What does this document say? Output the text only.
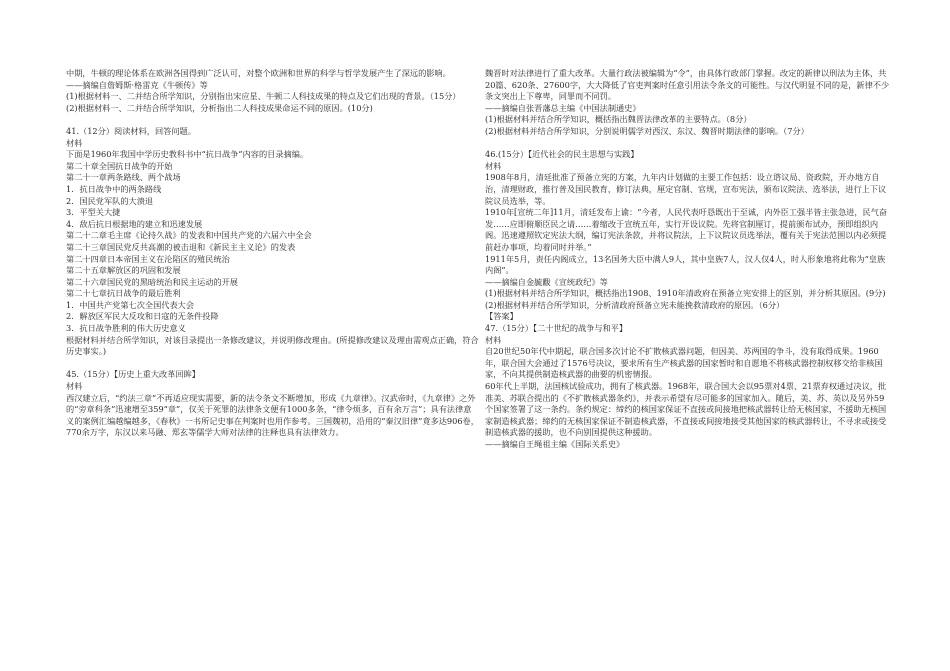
中期，牛顿的理论体系在欧洲各国得到广泛认可，对整个欧洲和世界的科学与哲学发展产生了深远的影响。

——摘编自詹姆斯·格雷克《牛顿传》等

(1)根据材料一、二并结合所学知识，分别指出宋应星、牛顿二人科技成果的特点及它们出现的背景。（15分）

(2)根据材料一、二并结合所学知识，分析指出二人科技成果命运不同的原因。(10分)

41.（12分）阅读材料，回答问题。

材料

下面是1960年我国中学历史教科书中“抗日战争”内容的目录摘编。

第二十章全国抗日战争的开始

第二十一章两条路线、两个战场

1．抗日战争中的两条路线

2．国民党军队的大溃退

3．平型关大捷

4．敌后抗日根据地的建立和迅速发展

第二十二章毛主席《论持久战》的发表和中国共产党的六届六中全会

第二十三章国民党反共高潮的被击退和《新民主主义论》的发表

第二十四章日本帝国主义在沦陷区的殖民统治

第二十五章解放区的巩固和发展

第二十六章国民党的黑暗统治和民主运动的开展

第二十七章抗日战争的最后胜利

1．中国共产党第七次全国代表大会

2．解放区军民大反攻和日寇的无条件投降

3．抗日战争胜利的伟大历史意义

根据材料并结合所学知识，对该目录提出一条修改建议，并说明修改理由。(所提修改建议及理由需观点正确，符合历史事实。)

45.（15分）【历史上重大改革回眸】

材料

西汉建立后，“约法三章”不再适应现实需要，新的法令条文不断增加，形成《九章律》。汉武帝时，《九章律》之外的“旁章科条”迅速增至359“章”，仅关于死罪的法律条文便有1000多条，“律令烦多，百有余万言”；具有法律意义的案例汇编越编越多，《春秋》一书所记史事在判案时也用作参考。三国魏初，沿用的“秦汉旧律”竟多达906卷，770余万字，东汉以来马融、郑玄等儒学大师对法律的注释也具有法律效力。

魏晋时对法律进行了重大改革。大量行政法被编辑为“令”，由具体行政部门掌握。改定的新律以刑法为主体，共20篇、620条、27600字，大大降低了官吏判案时任意引用法令条文的可能性。与汉代明显不同的是，新律不少条文突出上下尊卑，同罪而不同罚。

——摘编自张晋藩总主编《中国法制通史》

(1)根据材料并结合所学知识，概括指出魏晋法律改革的主要特点。（8分）

(2)根据材料并结合所学知识，分别说明儒学对西汉、东汉、魏晋时期法律的影响。（7分）

46.(15分）【近代社会的民主思想与实践】

材料

1908年8月，清廷批准了预备立宪的方案，九年内计划做的主要工作包括：设立谘议局、资政院，开办地方自治，清理财政，推行普及国民教育，修订法典，厘定官制、官规，宣布宪法，颁布议院法、选举法，进行上下议院议员选举，等。

1910年[宣统二年]11月，清廷发布上谕：“今者，人民代表吁恳既出于至诚，内外臣工强半皆主张急进，民气奋发……应即俯顺臣民之请……着缩改于宣统五年，实行开设议院。先将官制厘订，提前颁布试办，预即组织内阁。迅速遵照钦定宪法大纲，编订宪法条款，并将议院法，上下议院议员选举法，覆有关于宪法范围以内必须提前赶办事项，均着同时并举。”

1911年5月，责任内阁成立，13名国务大臣中满人9人，其中皇族7人，汉人仅4人，时人形象地将此称为“皇族内阁”。

——摘编自金毓黻《宣统政纪》等

(1)根据材料并结合所学知识，概括指出1908、1910年清政府在预备立宪安排上的区别，并分析其原因。(9分)

(2)根据材料并结合所学知识，分析清政府预备立宪未能挽救清政府的原因。（6分）

【答案】

47.（15分）【二十世纪的战争与和平】

材料

自20世纪50年代中期起，联合国多次讨论不扩散核武器问题，但因美、苏两国的争斗，没有取得成果。1960年，联合国大会通过了1576号决议，要求所有生产核武器的国家暂时和自愿地不将核武器控制权移交给非核国家，不向其提供制造核武器的曲要的机密情报。

60年代上半期，法国核试验成功，拥有了核武器。1968年，联合国大会以95票对4票、21票弃权通过决议，批准美、苏联合提出的《不扩散核武器条约》，并表示希望有尽可能多的国家加入。随后，美、苏、英以及另外59个国家签署了这一条约。条约规定：缔约的核国家保证不直接或间接地把核武器转让给无核国家，不援助无核国家制造核武器；缔约的无核国家保证不制造核武器，不直接或间接地接受其他国家的核武器转让，不寻求或接受制造核武器的援助，也不向别国提供这种援助。

——摘编自王绳祖主编《国际关系史》
